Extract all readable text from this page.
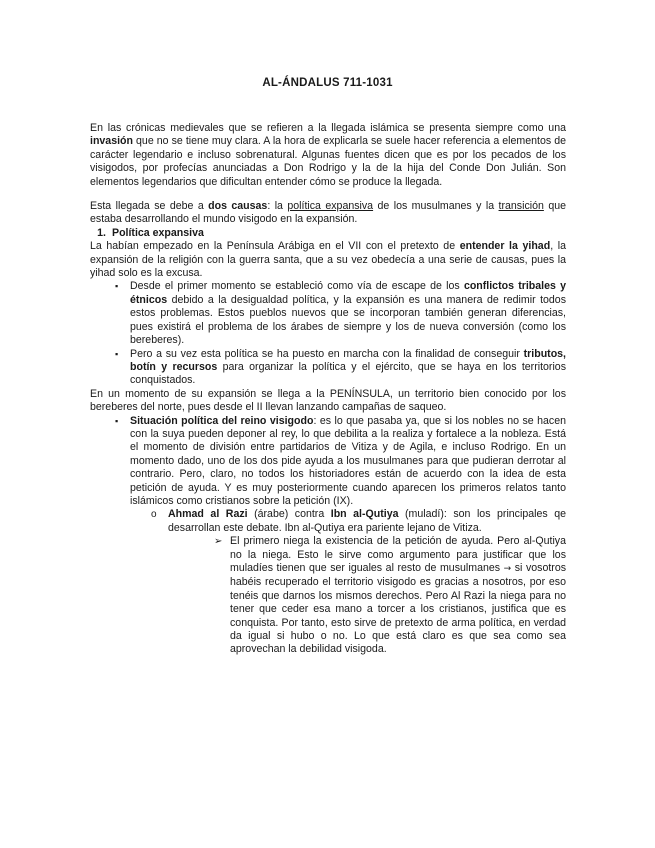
AL-ÁNDALUS 711-1031

En las crónicas medievales que se refieren a la llegada islámica se presenta siempre como una invasión que no se tiene muy clara. A la hora de explicarla se suele hacer referencia a elementos de carácter legendario e incluso sobrenatural. Algunas fuentes dicen que es por los pecados de los visigodos, por profecías anunciadas a Don Rodrigo y la de la hija del Conde Don Julián. Son elementos legendarios que dificultan entender cómo se produce la llegada.

Esta llegada se debe a dos causas: la política expansiva de los musulmanes y la transición que estaba desarrollando el mundo visigodo en la expansión.

1. Política expansiva

La habían empezado en la Península Arábiga en el VII con el pretexto de entender la yihad, la expansión de la religión con la guerra santa, que a su vez obedecía a una serie de causas, pues la yihad solo es la excusa.

▪ Desde el primer momento se estableció como vía de escape de los conflictos tribales y étnicos debido a la desigualdad política, y la expansión es una manera de redimir todos estos problemas. Estos pueblos nuevos que se incorporan también generan diferencias, pues existirá el problema de los árabes de siempre y los de nueva conversión (como los bereberes).
▪ Pero a su vez esta política se ha puesto en marcha con la finalidad de conseguir tributos, botín y recursos para organizar la política y el ejército, que se haya en los territorios conquistados.

En un momento de su expansión se llega a la PENÍNSULA, un territorio bien conocido por los bereberes del norte, pues desde el II llevan lanzando campañas de saqueo.

▪ Situación política del reino visigodo: es lo que pasaba ya, que si los nobles no se hacen con la suya pueden deponer al rey, lo que debilita a la realiza y fortalece a la nobleza. Está el momento de división entre partidarios de Vitiza y de Agila, e incluso Rodrigo. En un momento dado, uno de los dos pide ayuda a los musulmanes para que pudieran derrotar al contrario. Pero, claro, no todos los historiadores están de acuerdo con la idea de esta petición de ayuda. Y es muy posteriormente cuando aparecen los primeros relatos tanto islámicos como cristianos sobre la petición (IX).
o Ahmad al Razi (árabe) contra Ibn al-Qutiya (muladí): son los principales qe desarrollan este debate. Ibn al-Qutiya era pariente lejano de Vitiza.
➢ El primero niega la existencia de la petición de ayuda. Pero al-Qutiya no la niega. Esto le sirve como argumento para justificar que los muladíes tienen que ser iguales al resto de musulmanes → si vosotros habéis recuperado el territorio visigodo es gracias a nosotros, por eso tenéis que darnos los mismos derechos. Pero Al Razi la niega para no tener que ceder esa mano a torcer a los cristianos, justifica que es conquista. Por tanto, esto sirve de pretexto de arma política, en verdad da igual si hubo o no. Lo que está claro es que sea como sea aprovechan la debilidad visigoda.
